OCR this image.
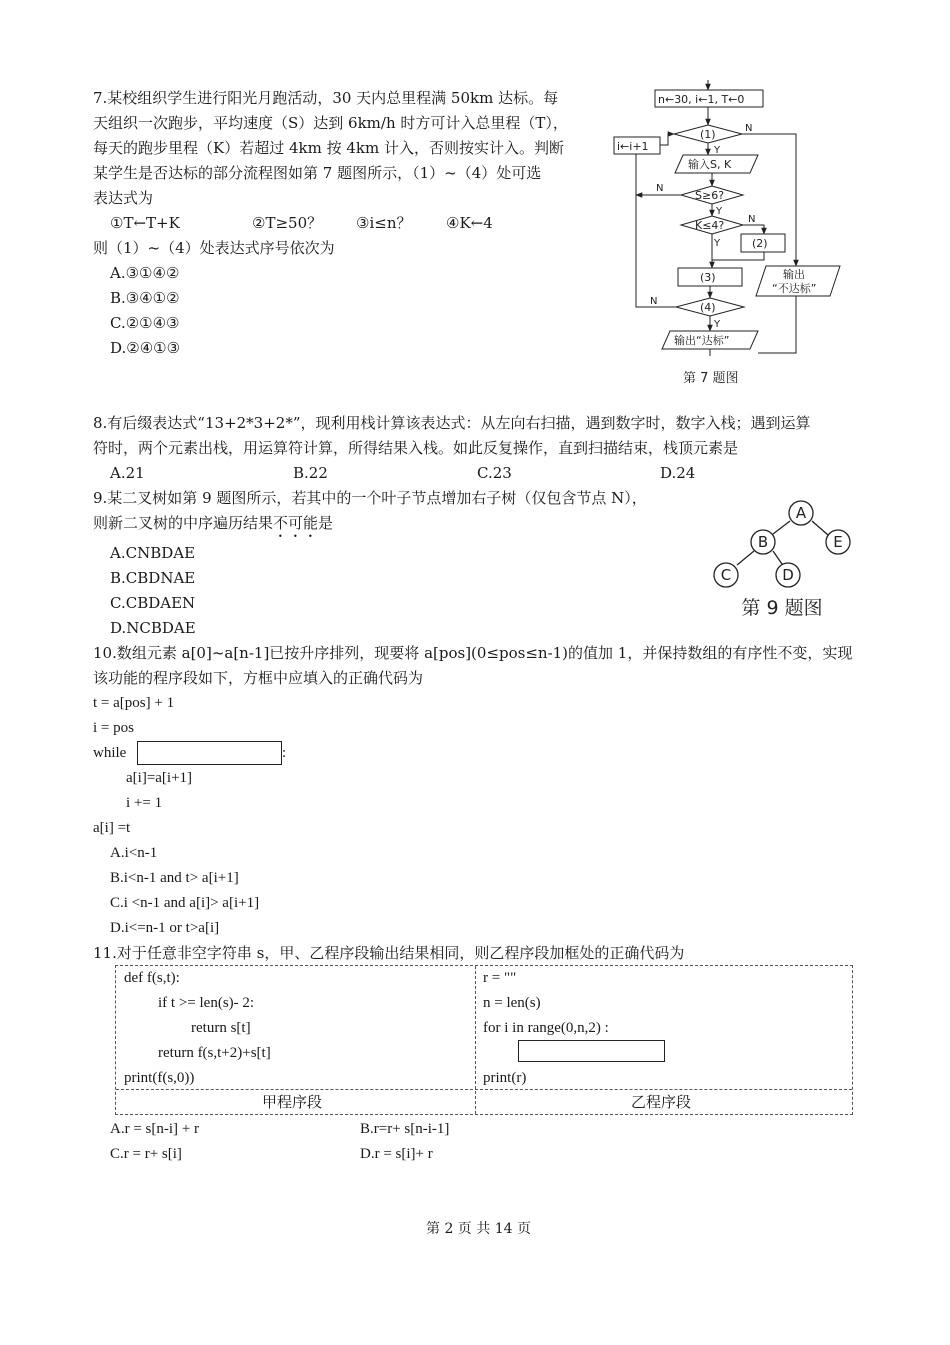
7.某校组织学生进行阳光月跑活动，30 天内总里程满 50km 达标。每
天组织一次跑步，平均速度（S）达到 6km/h 时方可计入总里程（T），
每天的跑步里程（K）若超过 4km 按 4km 计入，否则按实计入。判断
某学生是否达标的部分流程图如第 7 题图所示，（1）~（4）处可选
表达式为
①T←T+K	②T≥50？ ③i≤n？ ④K←4
则（1）~（4）处表达式序号依次为
A.③①④②
B.③④①②
C.②①④③
D.②④①③
n←30, i←1, T←0
(1)
i←i+1
输入S, K
S≥6?
K≤4?
(2)
(3)
(4)
输出“达标”
输出
“不达标”
N
Y
N
Y
N
Y
N
Y
第 7 题图
8.有后缀表达式“13+2*3+2*”，现利用栈计算该表达式：从左向右扫描，遇到数字时，数字入栈；遇到运算
符时，两个元素出栈，用运算符计算，所得结果入栈。如此反复操作，直到扫描结束，栈顶元素是
A.21	B.22	C.23	D.24
9.某二叉树如第 9 题图所示，若其中的一个叶子节点增加右子树（仅包含节点 N），
则新二叉树的中序遍历结果不可能是
A.CNBDAE
B.CBDNAE
C.CBDAEN
D.NCBDAE
A
B	E
C	D
第 9 题图
10.数组元素 a[0]~a[n-1]已按升序排列，现要将 a[pos](0≤pos≤n-1)的值加 1，并保持数组的有序性不变，实现
该功能的程序段如下，方框中应填入的正确代码为
t = a[pos] + 1
i = pos
while	:
a[i]=a[i+1]
i += 1
a[i] =t
A.i<n-1
B.i<n-1 and t> a[i+1]
C.i <n-1 and a[i]> a[i+1]
D.i<=n-1 or t>a[i]
11.对于任意非空字符串 s，甲、乙程序段输出结果相同，则乙程序段加框处的正确代码为
def f(s,t):
if t >= len(s)- 2:
return s[t]
return f(s,t+2)+s[t]
print(f(s,0))
r = ""
n = len(s)
for i in range(0,n,2) :
print(r)
甲程序段	乙程序段
A.r = s[n-i] + r	B.r=r+ s[n-i-1]
C.r = r+ s[i]	D.r = s[i]+ r
第 2 页 共 14 页
